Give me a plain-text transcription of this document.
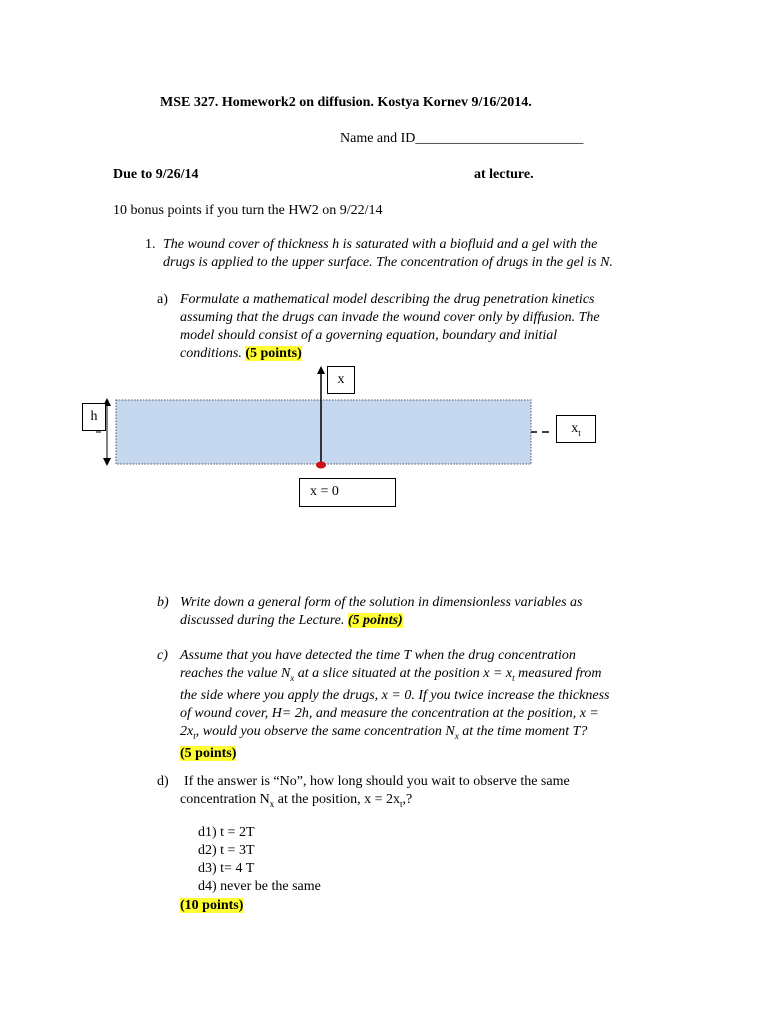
MSE 327. Homework2 on diffusion. Kostya Kornev 9/16/2014.
Name and ID________________________
Due to 9/26/14	at lecture.
10 bonus points if you turn the HW2 on 9/22/14
1. The wound cover of thickness h is saturated with a biofluid and a gel with the
drugs is applied to the upper surface. The concentration of drugs in the gel is N.
a) Formulate a mathematical model describing the drug penetration kinetics
assuming that the drugs can invade the wound cover only by diffusion. The
model should consist of a governing equation, boundary and initial
conditions. (5 points)
x
h
$x_t$
x = 0
b) Write down a general form of the solution in dimensionless variables as
discussed during the Lecture. (5 points)
c) Assume that you have detected the time T when the drug concentration
reaches the value $N_x$ at a slice situated at the position $x = x_t$ measured from
the side where you apply the drugs, x = 0. If you twice increase the thickness
of wound cover, H= 2h, and measure the concentration at the position, x =
$2x_t$, would you observe the same concentration $N_x$ at the time moment T?
(5 points)
d) If the answer is “No”, how long should you wait to observe the same
concentration $N_x$ at the position, $x = 2x_t$,?
d1) t = 2T
d2) t = 3T
d3) t= 4 T
d4) never be the same
(10 points)
